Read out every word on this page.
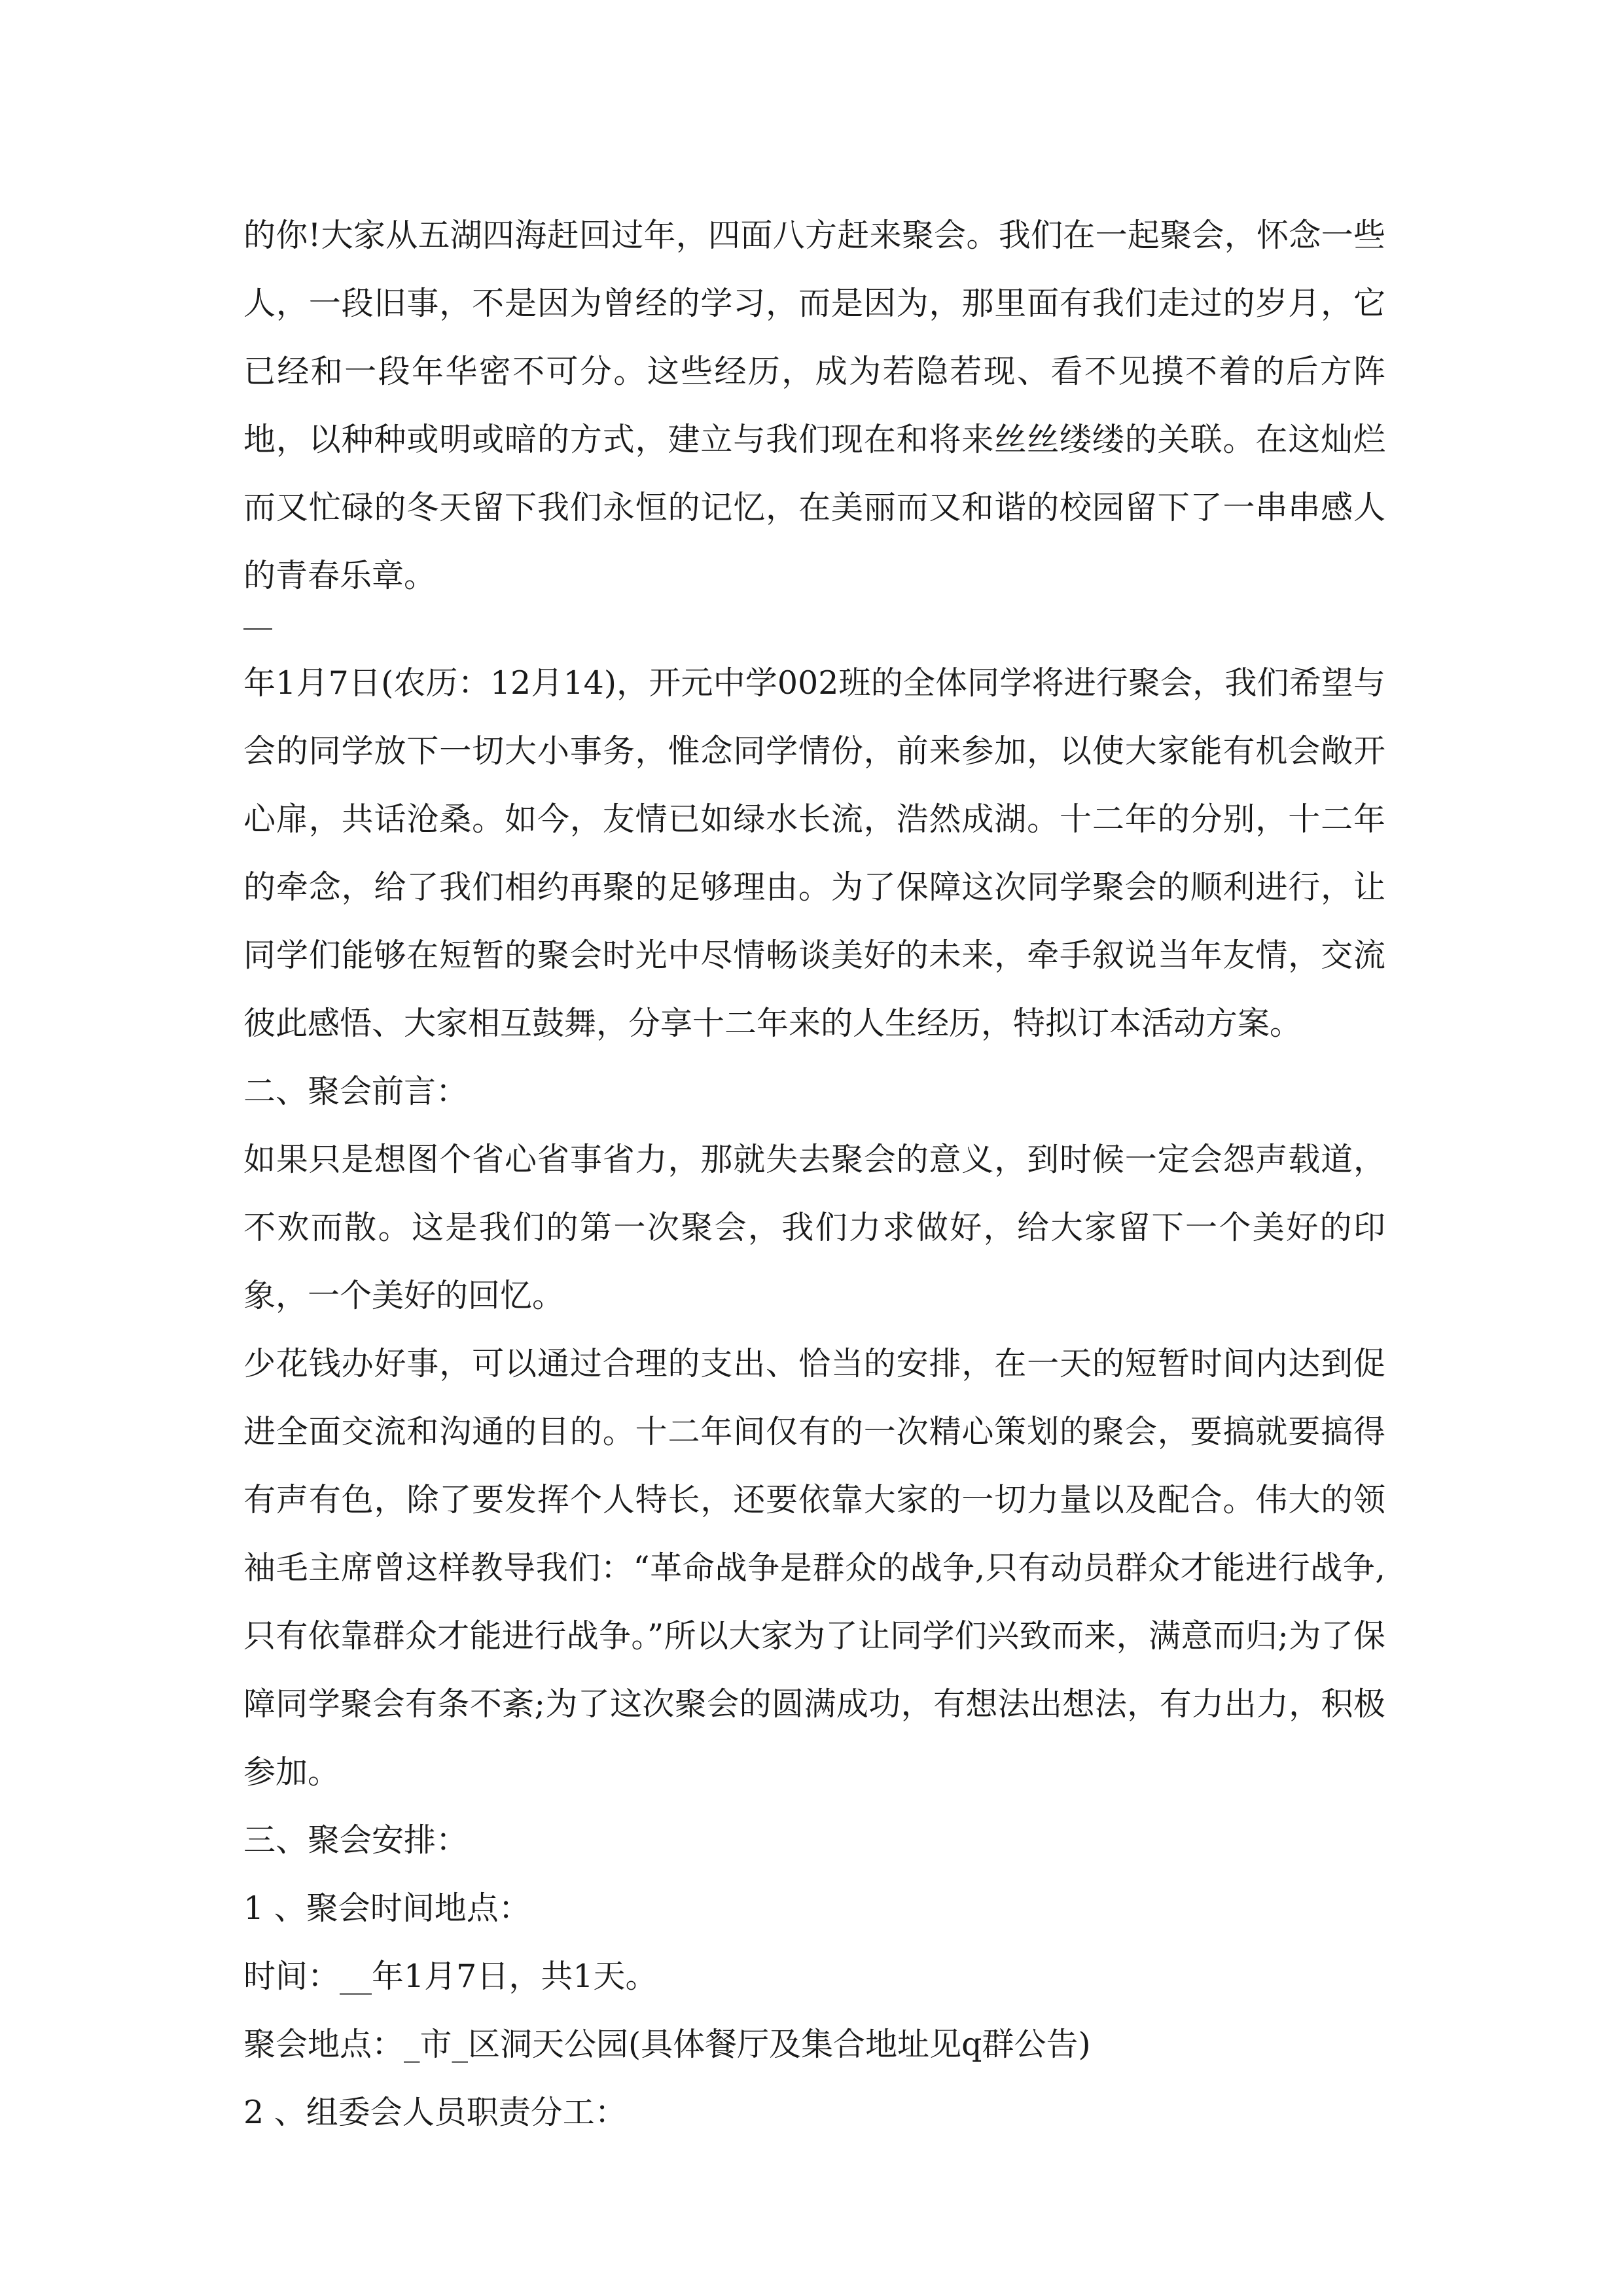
的你!大家从五湖四海赶回过年，四面八方赶来聚会。我们在一起聚会，怀念一些人，一段旧事，不是因为曾经的学习，而是因为，那里面有我们走过的岁月，它已经和一段年华密不可分。这些经历，成为若隐若现、看不见摸不着的后方阵地，以种种或明或暗的方式，建立与我们现在和将来丝丝缕缕的关联。在这灿烂而又忙碌的冬天留下我们永恒的记忆，在美丽而又和谐的校园留下了一串串感人的青春乐章。

年1月7日(农历：12月14)，开元中学002班的全体同学将进行聚会，我们希望与会的同学放下一切大小事务，惟念同学情份，前来参加，以使大家能有机会敞开心扉，共话沧桑。如今，友情已如绿水长流，浩然成湖。十二年的分别，十二年的牵念，给了我们相约再聚的足够理由。为了保障这次同学聚会的顺利进行，让同学们能够在短暂的聚会时光中尽情畅谈美好的未来，牵手叙说当年友情，交流彼此感悟、大家相互鼓舞，分享十二年来的人生经历，特拟订本活动方案。

二、聚会前言：

如果只是想图个省心省事省力，那就失去聚会的意义，到时候一定会怨声载道，不欢而散。这是我们的第一次聚会，我们力求做好，给大家留下一个美好的印象，一个美好的回忆。

少花钱办好事，可以通过合理的支出、恰当的安排，在一天的短暂时间内达到促进全面交流和沟通的目的。十二年间仅有的一次精心策划的聚会，要搞就要搞得有声有色，除了要发挥个人特长，还要依靠大家的一切力量以及配合。伟大的领袖毛主席曾这样教导我们：“革命战争是群众的战争,只有动员群众才能进行战争,只有依靠群众才能进行战争。”所以大家为了让同学们兴致而来，满意而归;为了保障同学聚会有条不紊;为了这次聚会的圆满成功，有想法出想法，有力出力，积极参加。

三、聚会安排：

1 、聚会时间地点：

时间：__年1月7日，共1天。

聚会地点：_市_区洞天公园(具体餐厅及集合地址见q群公告)

2 、组委会人员职责分工：
